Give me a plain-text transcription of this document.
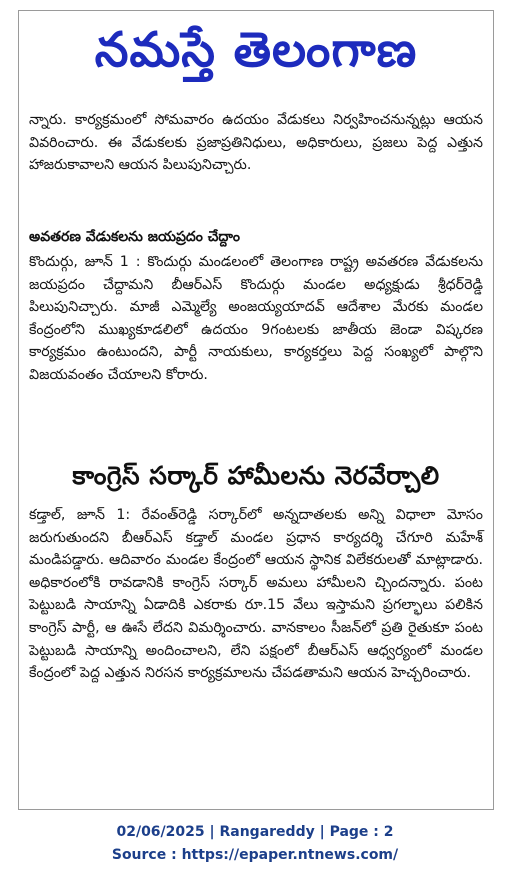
నమస్తే తెలంగాణ
న్నారు. కార్యక్రమంలో సోమవారం ఉదయం వేడుకలు నిర్వహించనున్నట్లు ఆయన వివరించారు. ఈ వేడుకలకు ప్రజాప్రతినిధులు, అధికారులు, ప్రజలు పెద్ద ఎత్తున హాజరుకావాలని ఆయన పిలుపునిచ్చారు.
అవతరణ వేడుకలను జయప్రదం చేద్దాం
కొందుర్గు, జూన్ 1 : కొందుర్గు మండలంలో తెలంగాణ రాష్ట్ర అవతరణ వేడుకలను జయప్రదం చేద్దామని బీఆర్ఎస్ కొందుర్గు మండల అధ్యక్షుడు శ్రీధర్‌రెడ్డి పిలుపునిచ్చారు. మాజీ ఎమ్మెల్యే అంజయ్యయాదవ్ ఆదేశాల మేరకు మండల కేంద్రంలోని ముఖ్యకూడలిలో ఉదయం 9గంటలకు జాతీయ జెండా విష్కరణ కార్యక్రమం ఉంటుందని, పార్టీ నాయకులు, కార్యకర్తలు పెద్ద సంఖ్యలో పాల్గొని విజయవంతం చేయాలని కోరారు.
కాంగ్రెస్ సర్కార్ హామీలను నెరవేర్చాలి
కడ్తాల్, జూన్ 1: రేవంత్‌రెడ్డి సర్కార్‌లో అన్నదాతలకు అన్ని విధాలా మోసం జరుగుతుందని బీఆర్ఎస్ కడ్తాల్ మండల ప్రధాన కార్యదర్శి చేగూరి మహేశ్ మండిపడ్డారు. ఆదివారం మండల కేంద్రంలో ఆయన స్థానిక విలేకరులతో మాట్లాడారు. అధికారంలోకి రావడానికి కాంగ్రెస్ సర్కార్ అమలు హామీలని చ్చిందన్నారు. పంట పెట్టుబడి సాయాన్ని ఏడాదికి ఎకరాకు రూ.15 వేలు ఇస్తామని ప్రగల్భాలు పలికిన కాంగ్రెస్ పార్టీ, ఆ ఊసే లేదని విమర్శించారు. వానకాలం సీజన్‌లో ప్రతి రైతుకూ పంట పెట్టుబడి సాయాన్ని అందించాలని, లేని పక్షంలో బీఆర్ఎస్ ఆధ్వర్యంలో మండల కేంద్రంలో పెద్ద ఎత్తున నిరసన కార్యక్రమాలను చేపడతామని ఆయన హెచ్చరించారు.
02/06/2025 | Rangareddy | Page : 2
Source : https://epaper.ntnews.com/
